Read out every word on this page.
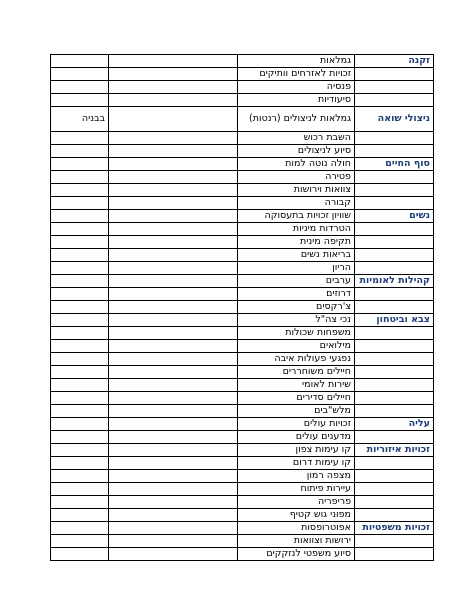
זקנה	גמלאות		
	זכויות לאזרחים וותיקים		
	פנסיה		
	סיעודיות		
ניצולי שואה	גמלאות לניצולים (רנטות)		בבניה
	השבת רכוש		
	סיוע לניצולים		
סוף החיים	חולה נוטה למות		
	פטירה		
	צוואות וירושות		
	קבורה		
נשים	שוויון זכויות בתעסוקה		
	הטרדות מיניות		
	תקיפה מינית		
	בריאות נשים		
	הריון		
קהילות לאומיות	ערבים		
	דרוזים		
	צ'רקסים		
צבא וביטחון	נכי צה"ל		
	משפחות שכולות		
	מילואים		
	נפגעי פעולות איבה		
	חיילים משוחררים		
	שירות לאומי		
	חיילים סדירים		
	מלש"בים		
עליה	זכויות עולים		
	מדענים עולים		
זכויות איזוריות	קו עימות צפון		
	קו עימות דרום		
	מצפה רמון		
	עיירות פיתוח		
	פריפריה		
	מפוני גוש קטיף		
זכויות משפטיות	אפוטרופסות		
	ירושות וצוואות		
	סיוע משפטי לנזקקים		
